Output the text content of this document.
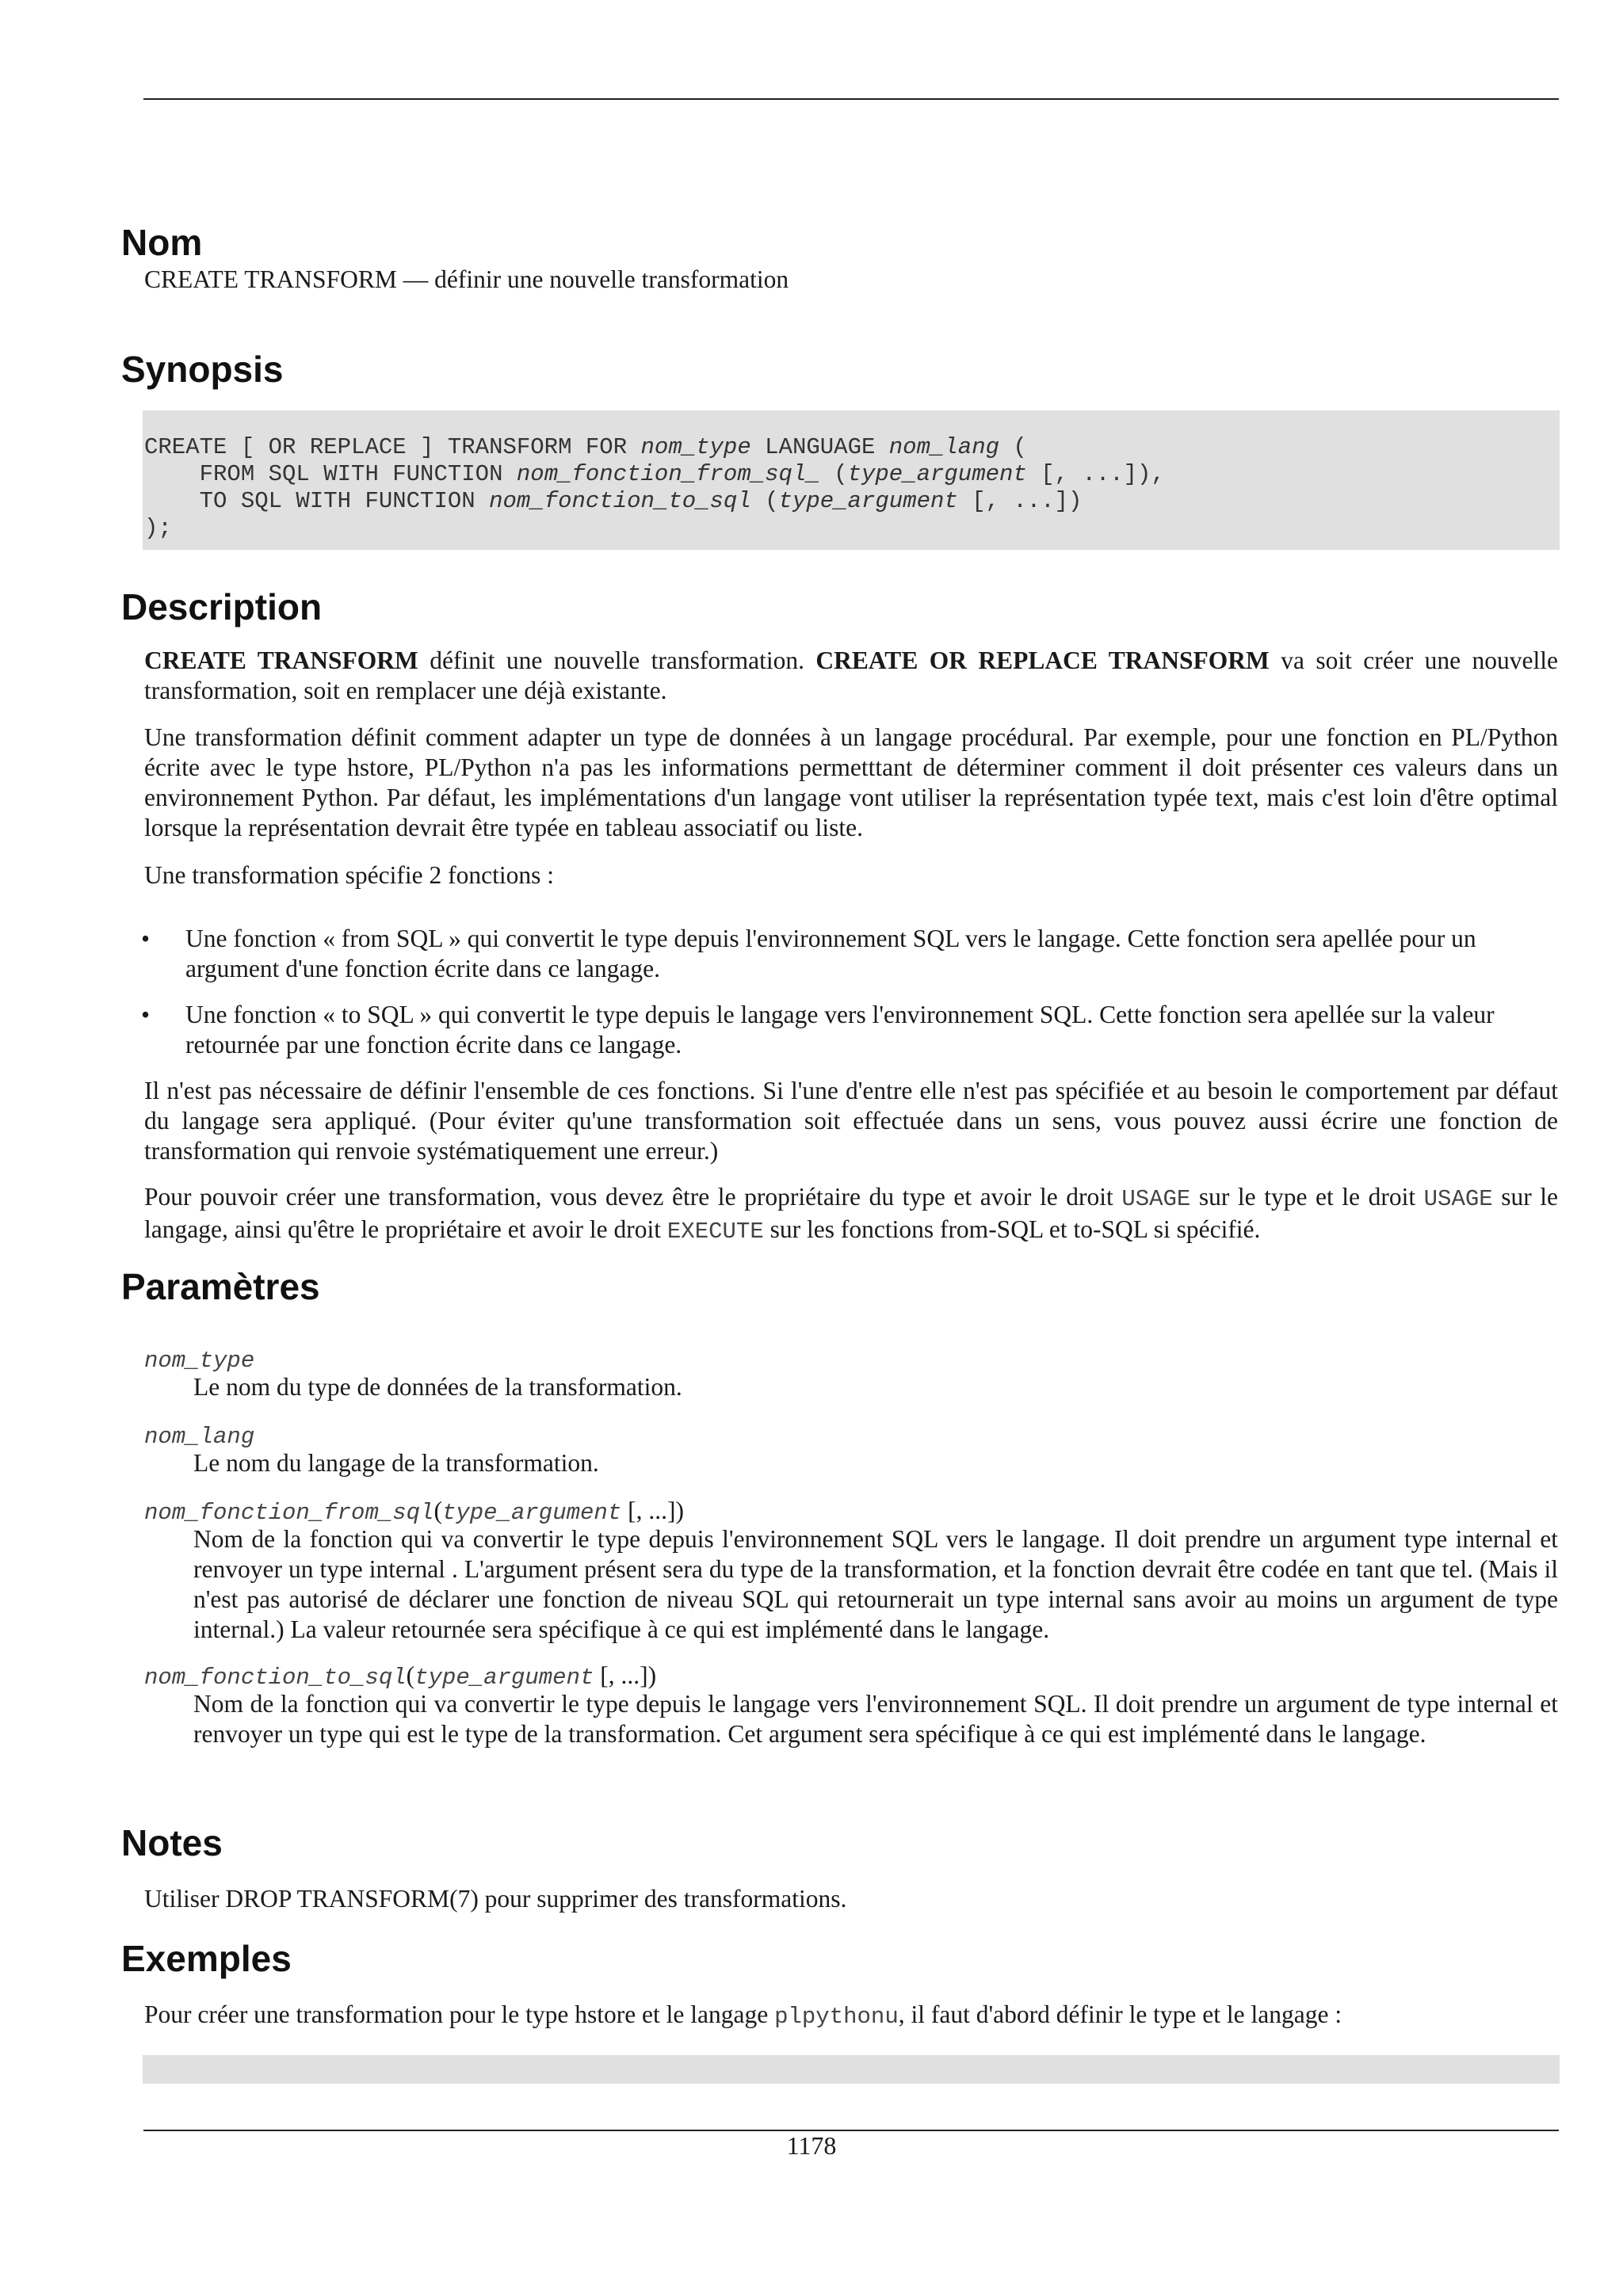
Nom

CREATE TRANSFORM — définir une nouvelle transformation

Synopsis
CREATE [ OR REPLACE ] TRANSFORM FOR nom_type LANGUAGE nom_lang (
FROM SQL WITH FUNCTION nom_fonction_from_sql_ (type_argument [, ...]),
TO SQL WITH FUNCTION nom_fonction_to_sql (type_argument [, ...])
);
Description

CREATE TRANSFORM définit une nouvelle transformation. CREATE OR REPLACE TRANSFORM va soit créer une nouvelle transformation, soit en remplacer une déjà existante.

Une transformation définit comment adapter un type de données à un langage procédural. Par exemple, pour une fonction en PL/Python écrite avec le type hstore, PL/Python n'a pas les informations permetttant de déterminer comment il doit présenter ces valeurs dans un environnement Python. Par défaut, les implémentations d'un langage vont utiliser la représentation typée text, mais c'est loin d'être optimal lorsque la représentation devrait être typée en tableau associatif ou liste.

Une transformation spécifie 2 fonctions :

•	Une fonction « from SQL » qui convertit le type depuis l'environnement SQL vers le langage. Cette fonction sera apellée pour un argument d'une fonction écrite dans ce langage.

•	Une fonction « to SQL » qui convertit le type depuis le langage vers l'environnement SQL. Cette fonction sera apellée sur la valeur retournée par une fonction écrite dans ce langage.

Il n'est pas nécessaire de définir l'ensemble de ces fonctions. Si l'une d'entre elle n'est pas spécifiée et au besoin le comportement par défaut du langage sera appliqué. (Pour éviter qu'une transformation soit effectuée dans un sens, vous pouvez aussi écrire une fonction de transformation qui renvoie systématiquement une erreur.)

Pour pouvoir créer une transformation, vous devez être le propriétaire du type et avoir le droit USAGE sur le type et le droit USAGE sur le langage, ainsi qu'être le propriétaire et avoir le droit EXECUTE sur les fonctions from-SQL et to-SQL si spécifié.

Paramètres
nom_type

Le nom du type de données de la transformation.

nom_lang

Le nom du langage de la transformation.

nom_fonction_from_sql(type_argument [, ...])

Nom de la fonction qui va convertir le type depuis l'environnement SQL vers le langage. Il doit prendre un argument type internal et renvoyer un type internal . L'argument présent sera du type de la transformation, et la fonction devrait être codée en tant que tel. (Mais il n'est pas autorisé de déclarer une fonction de niveau SQL qui retournerait un type internal sans avoir au moins un argument de type internal.) La valeur retournée sera spécifique à ce qui est implémenté dans le langage.

nom_fonction_to_sql(type_argument [, ...])

Nom de la fonction qui va convertir le type depuis le langage vers l'environnement SQL. Il doit prendre un argument de type internal et renvoyer un type qui est le type de la transformation. Cet argument sera spécifique à ce qui est implémenté dans le langage.

Notes

Utiliser DROP TRANSFORM(7) pour supprimer des transformations.

Exemples

Pour créer une transformation pour le type hstore et le langage plpythonu, il faut d'abord définir le type et le langage :

1178
